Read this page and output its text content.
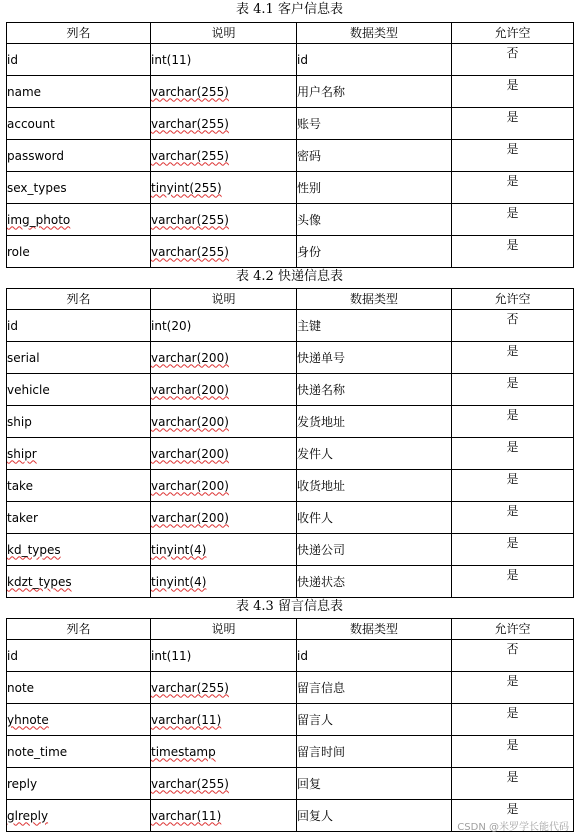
表 4.1 客户信息表
列名	说明	数据类型	允许空
id	int(11)	id	否
name	varchar(255)	用户名称	是
account	varchar(255)	账号	是
password	varchar(255)	密码	是
sex_types	tinyint(255)	性别	是
img_photo	varchar(255)	头像	是
role	varchar(255)	身份	是
表 4.2 快递信息表
列名	说明	数据类型	允许空
id	int(20)	主键	否
serial	varchar(200)	快递单号	是
vehicle	varchar(200)	快递名称	是
ship	varchar(200)	发货地址	是
shipr	varchar(200)	发件人	是
take	varchar(200)	收货地址	是
taker	varchar(200)	收件人	是
kd_types	tinyint(4)	快递公司	是
kdzt_types	tinyint(4)	快递状态	是
表 4.3 留言信息表
列名	说明	数据类型	允许空
id	int(11)	id	否
note	varchar(255)	留言信息	是
yhnote	varchar(11)	留言人	是
note_time	timestamp	留言时间	是
reply	varchar(255)	回复	是
glreply	varchar(11)	回复人	是
CSDN @米罗学长能代码
